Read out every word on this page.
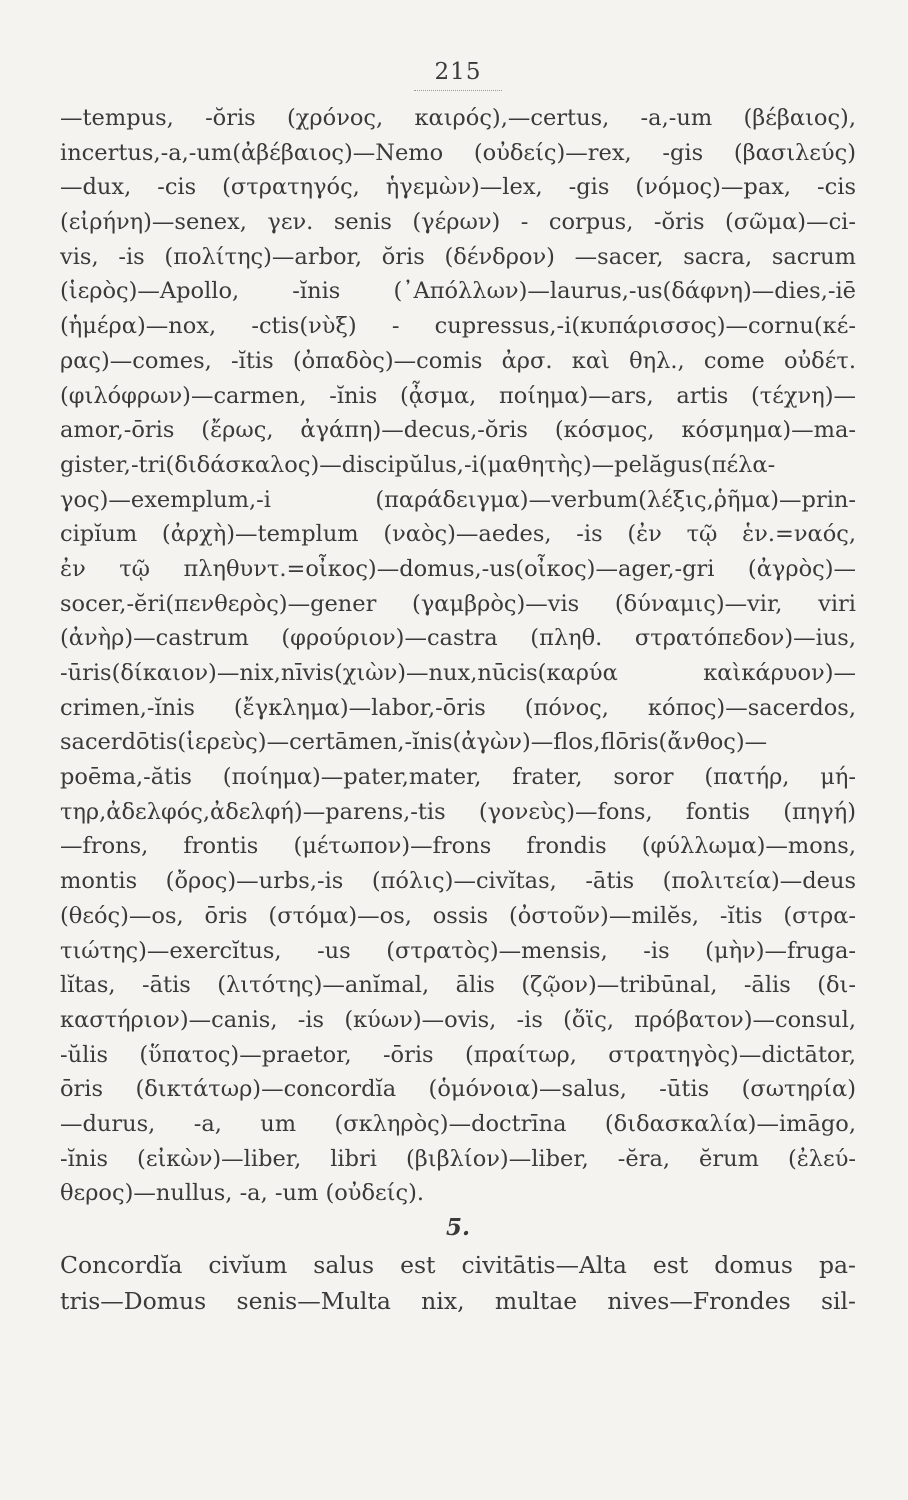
215
—tempus, -ŏris (χρόνος, καιρός),—certus, -a,-um (βέβαιος),
incertus,-a,-um(ἀβέβαιος)—Nemo (οὐδείς)—rex, -gis (βασιλεύς)
—dux, -cis (στρατηγός, ἡγεμὼν)—lex, -gis (νόμος)—pax, -cis
(εἰρήνη)—senex, γεν. senis (γέρων) - corpus, -ŏris (σῶμα)—ci-
vis, -is (πολίτης)—arbor, ŏris (δένδρον) —sacer, sacra, sacrum
(ἱερὸς)—Apollo, -ĭnis (᾿Απόλλων)—laurus,-us(δάφνη)—dies,-iē
(ἡμέρα)—nox, -ctis(νὺξ) - cupressus,-i(κυπάρισσος)—cornu(κέ-
ρας)—comes, -ĭtis (ὀπαδὸς)—comis ἀρσ. καὶ θηλ., come οὐδέτ.
(φιλόφρων)—carmen, -ĭnis (ᾆσμα, ποίημα)—ars, artis (τέχνη)—
amor,-ōris (ἔρως, ἀγάπη)—decus,-ŏris (κόσμος, κόσμημα)—ma-
gister,-tri(διδάσκαλος)—discipŭlus,-i(μαθητὴς)—pelăgus(πέλα-
γος)—exemplum,-i (παράδειγμα)—verbum(λέξις,ῥῆμα)—prin-
cipĭum (ἀρχὴ)—templum (ναὸς)—aedes, -is (ἐν τῷ ἑν.=ναός,
ἐν τῷ πληθυντ.=οἶκος)—domus,-us(οἶκος)—ager,-gri (ἀγρὸς)—
socer,-ĕri(πενθερὸς)—gener (γαμβρὸς)—vis (δύναμις)—vir, viri
(ἀνὴρ)—castrum (φρούριον)—castra (πληθ. στρατόπεδον)—ius,
-ūris(δίκαιον)—nix,nīvis(χιὼν)—nux,nūcis(καρύα καὶκάρυον)—
crimen,-ĭnis (ἔγκλημα)—labor,-ōris (πόνος, κόπος)—sacerdos,
sacerdōtis(ἱερεὺς)—certāmen,-ĭnis(ἀγὼν)—flos,flōris(ἄνθος)—
poēma,-ătis (ποίημα)—pater,mater, frater, soror (πατήρ, μή-
τηρ,ἀδελφός,ἀδελφή)—parens,-tis (γονεὺς)—fons, fontis (πηγή)
—frons, frontis (μέτωπον)—frons frondis (φύλλωμα)—mons,
montis (ὄρος)—urbs,-is (πόλις)—civĭtas, -ātis (πολιτεία)—deus
(θεός)—os, ōris (στόμα)—os, ossis (ὀστοῦν)—milĕs, -ĭtis (στρα-
τιώτης)—exercĭtus, -us (στρατὸς)—mensis, -is (μὴν)—fruga-
lĭtas, -ātis (λιτότης)—anĭmal, ālis (ζῷον)—tribūnal, -ālis (δι-
καστήριον)—canis, -is (κύων)—ovis, -is (ὄϊς, πρόβατον)—consul,
-ŭlis (ὕπατος)—praetor, -ōris (πραίτωρ, στρατηγὸς)—dictātor,
ōris (δικτάτωρ)—concordĭa (ὁμόνοια)—salus, -ūtis (σωτηρία)
—durus, -a, um (σκληρὸς)—doctrīna (διδασκαλία)—imāgo,
-ĭnis (εἰκὼν)—liber, libri (βιβλίον)—liber, -ĕra, ĕrum (ἐλεύ-
θερος)—nullus, -a, -um (οὐδείς).
5.
Concordĭa civĭum salus est civitātis—Alta est domus pa-
tris—Domus senis—Multa nix, multae nives—Frondes sil-
